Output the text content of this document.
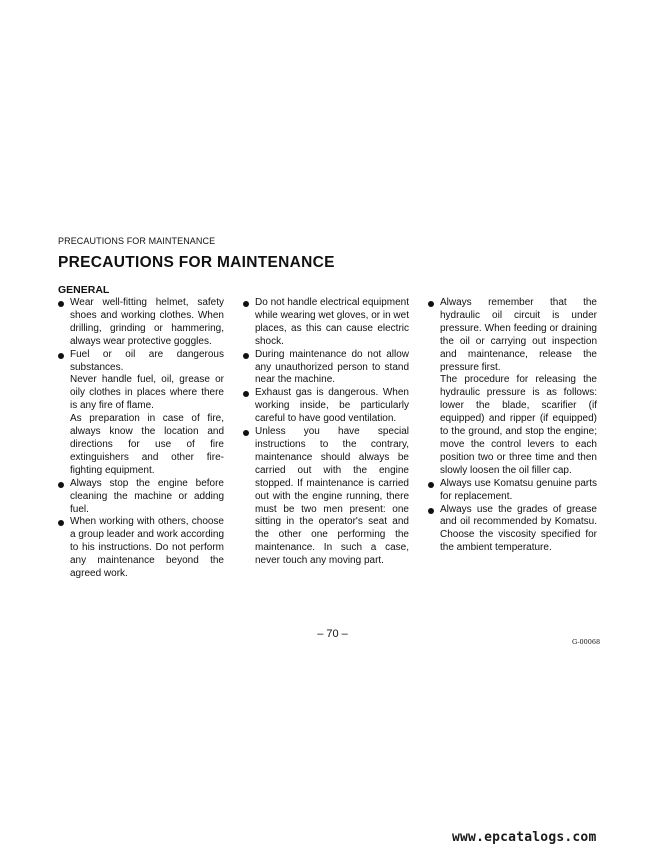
PRECAUTIONS FOR MAINTENANCE
PRECAUTIONS FOR MAINTENANCE
GENERAL
Wear well-fitting helmet, safety shoes and working clothes. When drilling, grinding or hammering, always wear protective goggles.
Fuel or oil are dangerous substances.
Never handle fuel, oil, grease or oily clothes in places where there is any fire of flame.
As preparation in case of fire, always know the location and directions for use of fire extinguishers and other fire-fighting equipment.
Always stop the engine before cleaning the machine or adding fuel.
When working with others, choose a group leader and work according to his instructions. Do not perform any maintenance beyond the agreed work.
Do not handle electrical equipment while wearing wet gloves, or in wet places, as this can cause electric shock.
During maintenance do not allow any unauthorized person to stand near the machine.
Exhaust gas is dangerous. When working inside, be particularly careful to have good ventilation.
Unless you have special instructions to the contrary, maintenance should always be carried out with the engine stopped. If maintenance is carried out with the engine running, there must be two men present: one sitting in the operator's seat and the other one performing the maintenance. In such a case, never touch any moving part.
Always remember that the hydraulic oil circuit is under pressure. When feeding or draining the oil or carrying out inspection and maintenance, release the pressure first.
The procedure for releasing the hydraulic pressure is as follows: lower the blade, scarifier (if equipped) and ripper (if equipped) to the ground, and stop the engine; move the control levers to each position two or three time and then slowly loosen the oil filler cap.
Always use Komatsu genuine parts for replacement.
Always use the grades of grease and oil recommended by Komatsu. Choose the viscosity specified for the ambient temperature.
– 70 –
G-00068
www.epcatalogs.com
